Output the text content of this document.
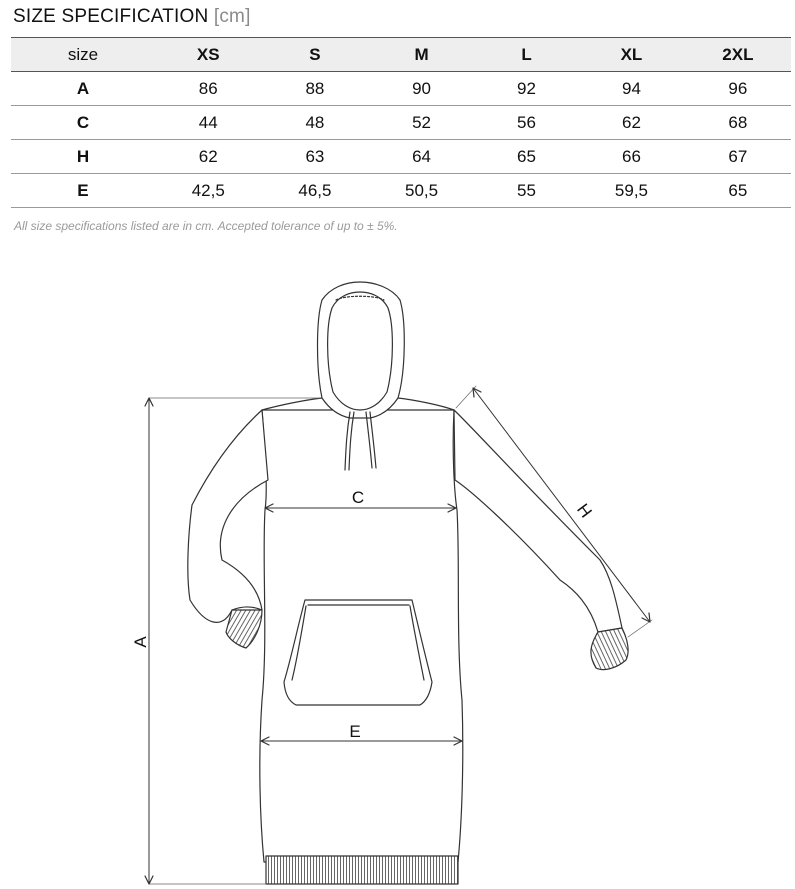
SIZE SPECIFICATION [cm]
size	XS	S	M	L	XL	2XL
A	86	88	90	92	94	96
C	44	48	52	56	62	68
H	62	63	64	65	66	67
E	42,5	46,5	50,5	55	59,5	65
All size specifications listed are in cm. Accepted tolerance of up to ± 5%.
A
C
E
H
